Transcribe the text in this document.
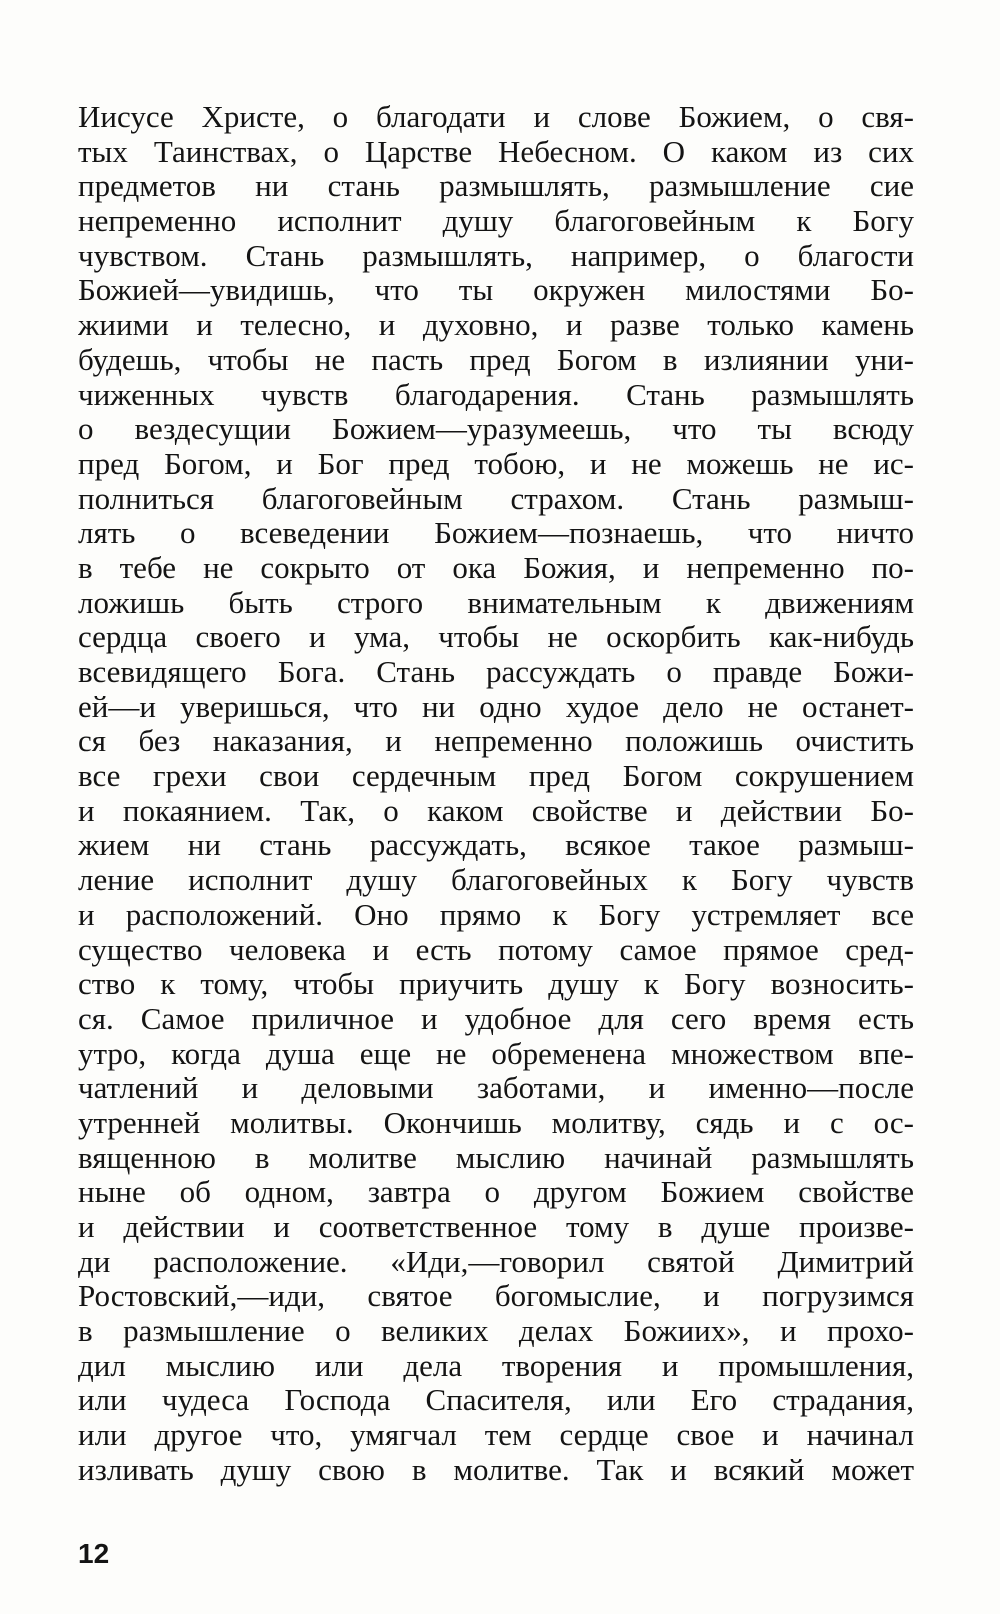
Иисусе Христе, о благодати и слове Божием, о свя-
тых Таинствах, о Царстве Небесном. О каком из сих
предметов ни стань размышлять, размышление сие
непременно исполнит душу благоговейным к Богу
чувством. Стань размышлять, например, о благости
Божией—увидишь, что ты окружен милостями Бо-
жиими и телесно, и духовно, и разве только камень
будешь, чтобы не пасть пред Богом в излиянии уни-
чиженных чувств благодарения. Стань размышлять
о вездесущии Божием—уразумеешь, что ты всюду
пред Богом, и Бог пред тобою, и не можешь не ис-
полниться благоговейным страхом. Стань размыш-
лять о всеведении Божием—познаешь, что ничто
в тебе не сокрыто от ока Божия, и непременно по-
ложишь быть строго внимательным к движениям
сердца своего и ума, чтобы не оскорбить как-нибудь
всевидящего Бога. Стань рассуждать о правде Божи-
ей—и уверишься, что ни одно худое дело не останет-
ся без наказания, и непременно положишь очистить
все грехи свои сердечным пред Богом сокрушением
и покаянием. Так, о каком свойстве и действии Бо-
жием ни стань рассуждать, всякое такое размыш-
ление исполнит душу благоговейных к Богу чувств
и расположений. Оно прямо к Богу устремляет все
существо человека и есть потому самое прямое сред-
ство к тому, чтобы приучить душу к Богу возносить-
ся. Самое приличное и удобное для сего время есть
утро, когда душа еще не обременена множеством впе-
чатлений и деловыми заботами, и именно—после
утренней молитвы. Окончишь молитву, сядь и с ос-
вященною в молитве мыслию начинай размышлять
ныне об одном, завтра о другом Божием свойстве
и действии и соответственное тому в душе произве-
ди расположение. «Иди,—говорил святой Димитрий
Ростовский,—иди, святое богомыслие, и погрузимся
в размышление о великих делах Божиих», и прохо-
дил мыслию или дела творения и промышления,
или чудеса Господа Спасителя, или Его страдания,
или другое что, умягчал тем сердце свое и начинал
изливать душу свою в молитве. Так и всякий может
12
